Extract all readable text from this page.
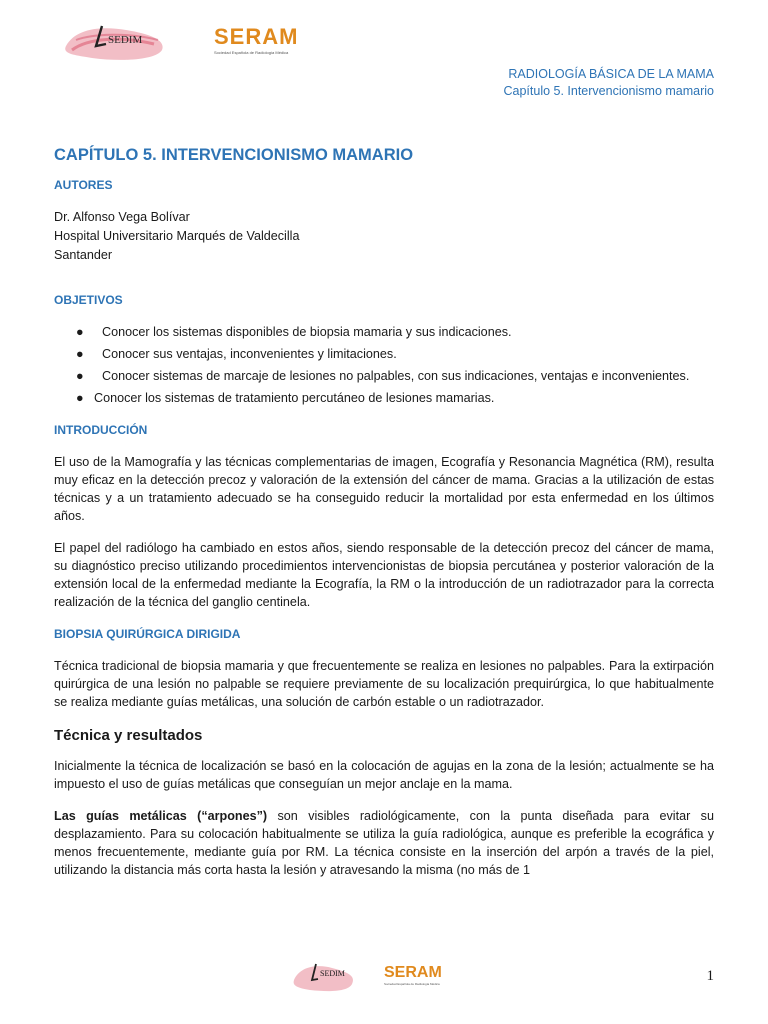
SEDIM	SERAM
Sociedad Española de Radiología Médica
RADIOLOGÍA BÁSICA DE LA MAMA
Capítulo 5. Intervencionismo mamario
CAPÍTULO 5. INTERVENCIONISMO MAMARIO
AUTORES
Dr. Alfonso Vega Bolívar
Hospital Universitario Marqués de Valdecilla
Santander
OBJETIVOS
● Conocer los sistemas disponibles de biopsia mamaria y sus indicaciones.
● Conocer sus ventajas, inconvenientes y limitaciones.
● Conocer sistemas de marcaje de lesiones no palpables, con sus indicaciones, ventajas e inconvenientes.
● Conocer los sistemas de tratamiento percutáneo de lesiones mamarias.
INTRODUCCIÓN

El uso de la Mamografía y las técnicas complementarias de imagen, Ecografía y Resonancia Magnética (RM), resulta muy eficaz en la detección precoz y valoración de la extensión del cáncer de mama. Gracias a la utilización de estas técnicas y a un tratamiento adecuado se ha conseguido reducir la mortalidad por esta enfermedad en los últimos años.

El papel del radiólogo ha cambiado en estos años, siendo responsable de la detección precoz del cáncer de mama, su diagnóstico preciso utilizando procedimientos intervencionistas de biopsia percutánea y posterior valoración de la extensión local de la enfermedad mediante la Ecografía, la RM o la introducción de un radiotrazador para la correcta realización de la técnica del ganglio centinela.

BIOPSIA QUIRÚRGICA DIRIGIDA

Técnica tradicional de biopsia mamaria y que frecuentemente se realiza en lesiones no palpables. Para la extirpación quirúrgica de una lesión no palpable se requiere previamente de su localización prequirúrgica, lo que habitualmente se realiza mediante guías metálicas, una solución de carbón estable o un radiotrazador.

Técnica y resultados

Inicialmente la técnica de localización se basó en la colocación de agujas en la zona de la lesión; actualmente se ha impuesto el uso de guías metálicas que conseguían un mejor anclaje en la mama.

Las guías metálicas (“arpones”) son visibles radiológicamente, con la punta diseñada para evitar su desplazamiento. Para su colocación habitualmente se utiliza la guía radiológica, aunque es preferible la ecográfica y menos frecuentemente, mediante guía por RM. La técnica consiste en la inserción del arpón a través de la piel, utilizando la distancia más corta hasta la lesión y atravesando la misma (no más de 1

SEDIM SERAM
Sociedad Española de Radiología Médica	1
